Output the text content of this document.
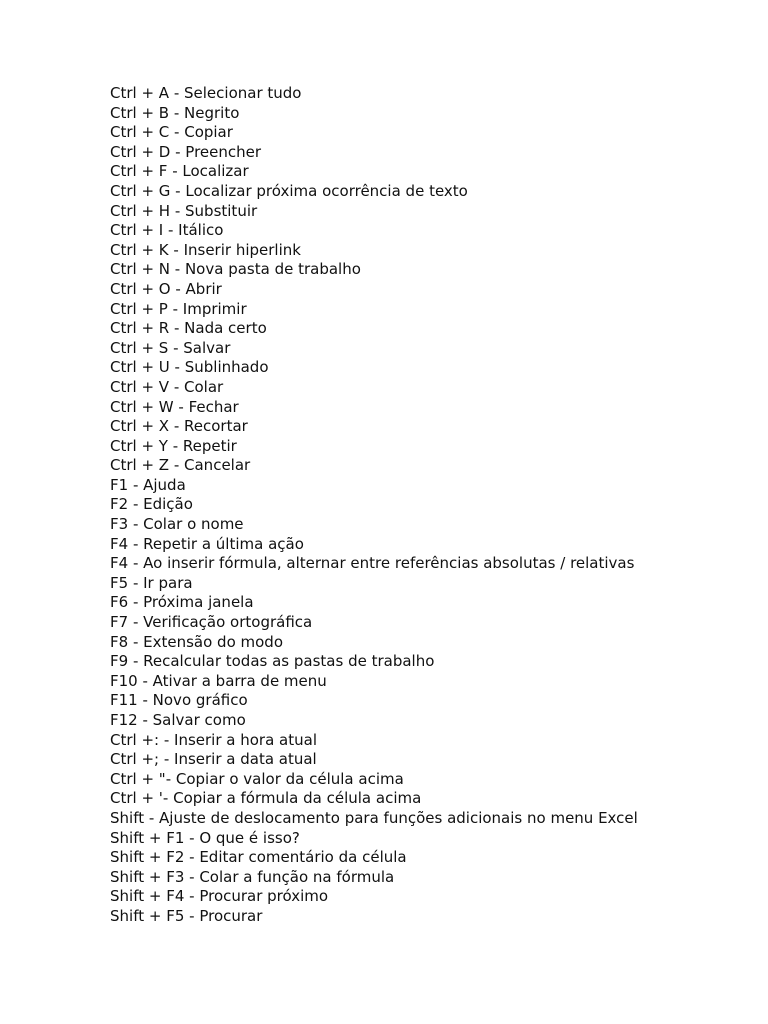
Ctrl + A - Selecionar tudo
Ctrl + B - Negrito
Ctrl + C - Copiar
Ctrl + D - Preencher
Ctrl + F - Localizar
Ctrl + G - Localizar próxima ocorrência de texto
Ctrl + H - Substituir
Ctrl + I - Itálico
Ctrl + K - Inserir hiperlink
Ctrl + N - Nova pasta de trabalho
Ctrl + O - Abrir
Ctrl + P - Imprimir
Ctrl + R - Nada certo
Ctrl + S - Salvar
Ctrl + U - Sublinhado
Ctrl + V - Colar
Ctrl + W - Fechar
Ctrl + X - Recortar
Ctrl + Y - Repetir
Ctrl + Z - Cancelar
F1 - Ajuda
F2 - Edição
F3 - Colar o nome
F4 - Repetir a última ação
F4 - Ao inserir fórmula, alternar entre referências absolutas / relativas
F5 - Ir para
F6 - Próxima janela
F7 - Verificação ortográfica
F8 - Extensão do modo
F9 - Recalcular todas as pastas de trabalho
F10 - Ativar a barra de menu
F11 - Novo gráfico
F12 - Salvar como
Ctrl +: - Inserir a hora atual
Ctrl +; - Inserir a data atual
Ctrl + "- Copiar o valor da célula acima
Ctrl + '- Copiar a fórmula da célula acima
Shift - Ajuste de deslocamento para funções adicionais no menu Excel
Shift + F1 - O que é isso?
Shift + F2 - Editar comentário da célula
Shift + F3 - Colar a função na fórmula
Shift + F4 - Procurar próximo
Shift + F5 - Procurar
